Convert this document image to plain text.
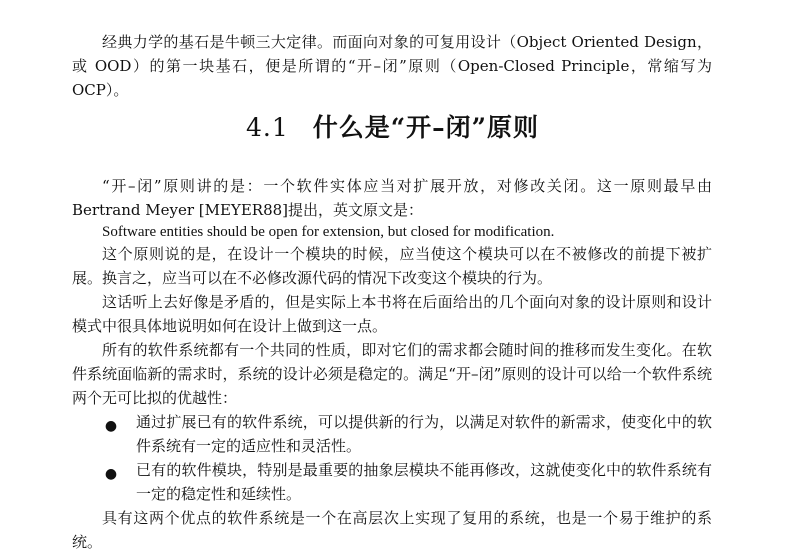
经典力学的基石是牛顿三大定律。而面向对象的可复用设计（Object Oriented Design，或 OOD）的第一块基石，便是所谓的“开–闭”原则（Open-Closed Principle，常缩写为 OCP）。

4.1 什么是“开–闭”原则

“开–闭”原则讲的是：一个软件实体应当对扩展开放，对修改关闭。这一原则最早由 Bertrand Meyer [MEYER88]提出，英文原文是：

Software entities should be open for extension, but closed for modification.

这个原则说的是，在设计一个模块的时候，应当使这个模块可以在不被修改的前提下被扩展。换言之，应当可以在不必修改源代码的情况下改变这个模块的行为。

这话听上去好像是矛盾的，但是实际上本书将在后面给出的几个面向对象的设计原则和设计模式中很具体地说明如何在设计上做到这一点。

所有的软件系统都有一个共同的性质，即对它们的需求都会随时间的推移而发生变化。在软件系统面临新的需求时，系统的设计必须是稳定的。满足“开–闭”原则的设计可以给一个软件系统两个无可比拟的优越性：

● 通过扩展已有的软件系统，可以提供新的行为，以满足对软件的新需求，使变化中的软件系统有一定的适应性和灵活性。

● 已有的软件模块，特别是最重要的抽象层模块不能再修改，这就使变化中的软件系统有一定的稳定性和延续性。

具有这两个优点的软件系统是一个在高层次上实现了复用的系统，也是一个易于维护的系统。
